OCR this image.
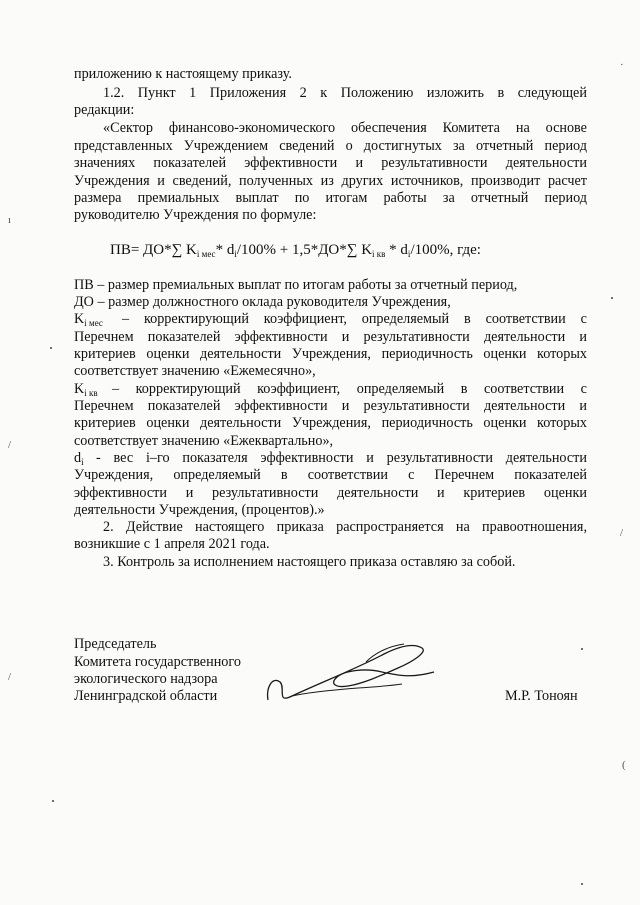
приложению к настоящему приказу.
1.2. Пункт 1 Приложения 2 к Положению изложить в следующей
редакции:
«Сектор финансово-экономического обеспечения Комитета на основе
представленных Учреждением сведений о достигнутых за отчетный период
значениях показателей эффективности и результативности деятельности
Учреждения и сведений, полученных из других источников, производит расчет
размера премиальных выплат по итогам работы за отчетный период
руководителю Учреждения по формуле:
ПВ= ДО*∑ $K_{i мес}*$ $d_i/100\% + 1,5*ДО*\sum$ $K_{i кв} * d_i/100\%$, где:
ПВ – размер премиальных выплат по итогам работы за отчетный период,
ДО – размер должностного оклада руководителя Учреждения,
$K_{i мес}$ – корректирующий коэффициент, определяемый в соответствии с
Перечнем показателей эффективности и результативности деятельности и
критериев оценки деятельности Учреждения, периодичность оценки которых
соответствует значению «Ежемесячно»,
$K_{i кв}$ – корректирующий коэффициент, определяемый в соответствии с
Перечнем показателей эффективности и результативности деятельности и
критериев оценки деятельности Учреждения, периодичность оценки которых
соответствует значению «Ежеквартально»,
$d_i$ - вес i–го показателя эффективности и результативности деятельности
Учреждения, определяемый в соответствии с Перечнем показателей
эффективности и результативности деятельности и критериев оценки
деятельности Учреждения, (процентов).»
2. Действие настоящего приказа распространяется на правоотношения,
возникшие с 1 апреля 2021 года.
3. Контроль за исполнением настоящего приказа оставляю за собой.
Председатель
Комитета государственного
экологического надзора
Ленинградской области	М.Р. Тоноян
ı
/
/
·
/
(
